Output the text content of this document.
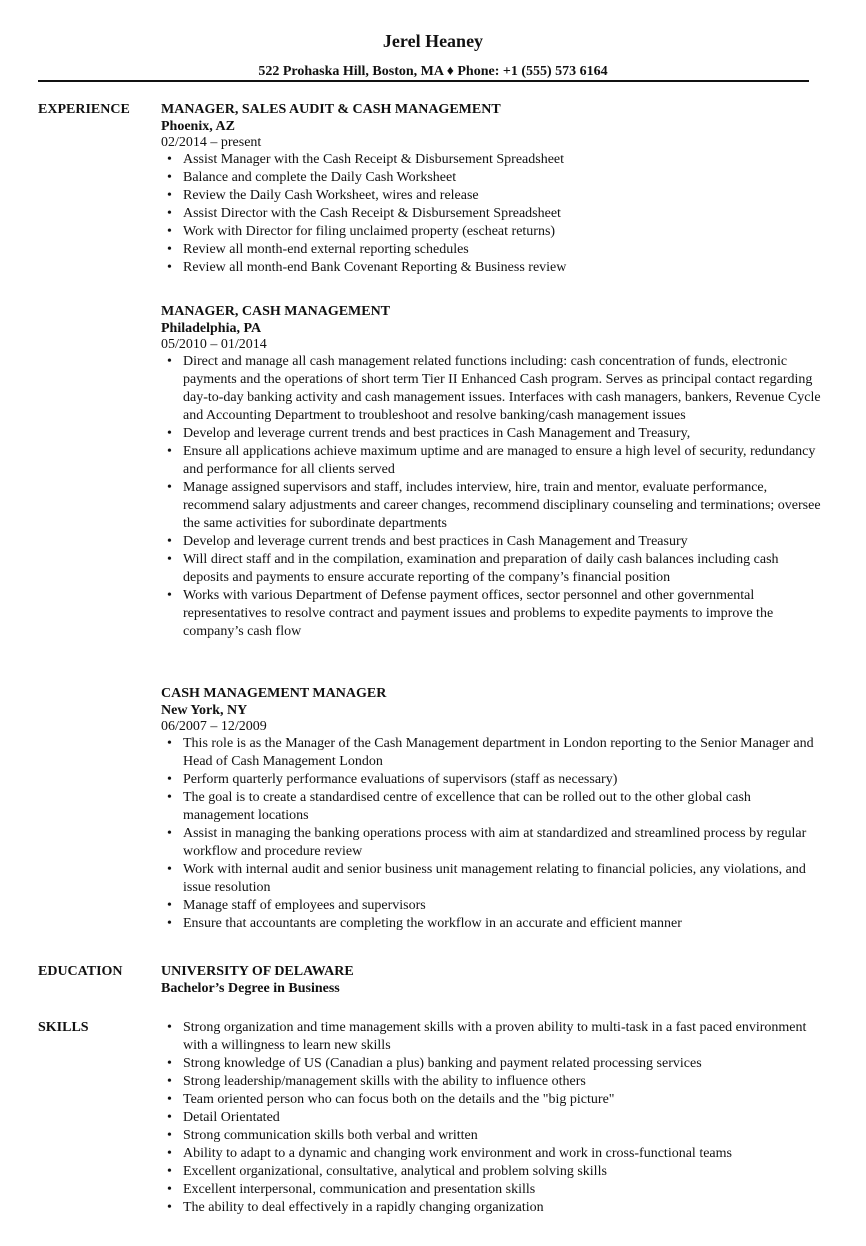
Jerel Heaney
522 Prohaska Hill, Boston, MA ♦ Phone: +1 (555) 573 6164
EXPERIENCE MANAGER, SALES AUDIT & CASH MANAGEMENT
Phoenix, AZ
02/2014 – present
• Assist Manager with the Cash Receipt & Disbursement Spreadsheet
• Balance and complete the Daily Cash Worksheet
• Review the Daily Cash Worksheet, wires and release
• Assist Director with the Cash Receipt & Disbursement Spreadsheet
• Work with Director for filing unclaimed property (escheat returns)
• Review all month-end external reporting schedules
• Review all month-end Bank Covenant Reporting & Business review
MANAGER, CASH MANAGEMENT
Philadelphia, PA
05/2010 – 01/2014
• Direct and manage all cash management related functions including: cash concentration of funds, electronic payments and the operations of short term Tier II Enhanced Cash program. Serves as principal contact regarding day-to-day banking activity and cash management issues. Interfaces with cash managers, bankers, Revenue Cycle and Accounting Department to troubleshoot and resolve banking/cash management issues
• Develop and leverage current trends and best practices in Cash Management and Treasury,
• Ensure all applications achieve maximum uptime and are managed to ensure a high level of security, redundancy and performance for all clients served
• Manage assigned supervisors and staff, includes interview, hire, train and mentor, evaluate performance, recommend salary adjustments and career changes, recommend disciplinary counseling and terminations; oversee the same activities for subordinate departments
• Develop and leverage current trends and best practices in Cash Management and Treasury
• Will direct staff and in the compilation, examination and preparation of daily cash balances including cash deposits and payments to ensure accurate reporting of the company’s financial position
• Works with various Department of Defense payment offices, sector personnel and other governmental representatives to resolve contract and payment issues and problems to expedite payments to improve the company’s cash flow
CASH MANAGEMENT MANAGER
New York, NY
06/2007 – 12/2009
• This role is as the Manager of the Cash Management department in London reporting to the Senior Manager and Head of Cash Management London
• Perform quarterly performance evaluations of supervisors (staff as necessary)
• The goal is to create a standardised centre of excellence that can be rolled out to the other global cash management locations
• Assist in managing the banking operations process with aim at standardized and streamlined process by regular workflow and procedure review
• Work with internal audit and senior business unit management relating to financial policies, any violations, and issue resolution
• Manage staff of employees and supervisors
• Ensure that accountants are completing the workflow in an accurate and efficient manner
EDUCATION	UNIVERSITY OF DELAWARE
Bachelor’s Degree in Business
SKILLS
•	Strong organization and time management skills with a proven ability to multi-task in a fast paced environment with a willingness to learn new skills
• Strong knowledge of US (Canadian a plus) banking and payment related processing services
• Strong leadership/management skills with the ability to influence others
• Team oriented person who can focus both on the details and the "big picture"
• Detail Orientated
• Strong communication skills both verbal and written
• Ability to adapt to a dynamic and changing work environment and work in cross-functional teams
• Excellent organizational, consultative, analytical and problem solving skills
• Excellent interpersonal, communication and presentation skills
• The ability to deal effectively in a rapidly changing organization
